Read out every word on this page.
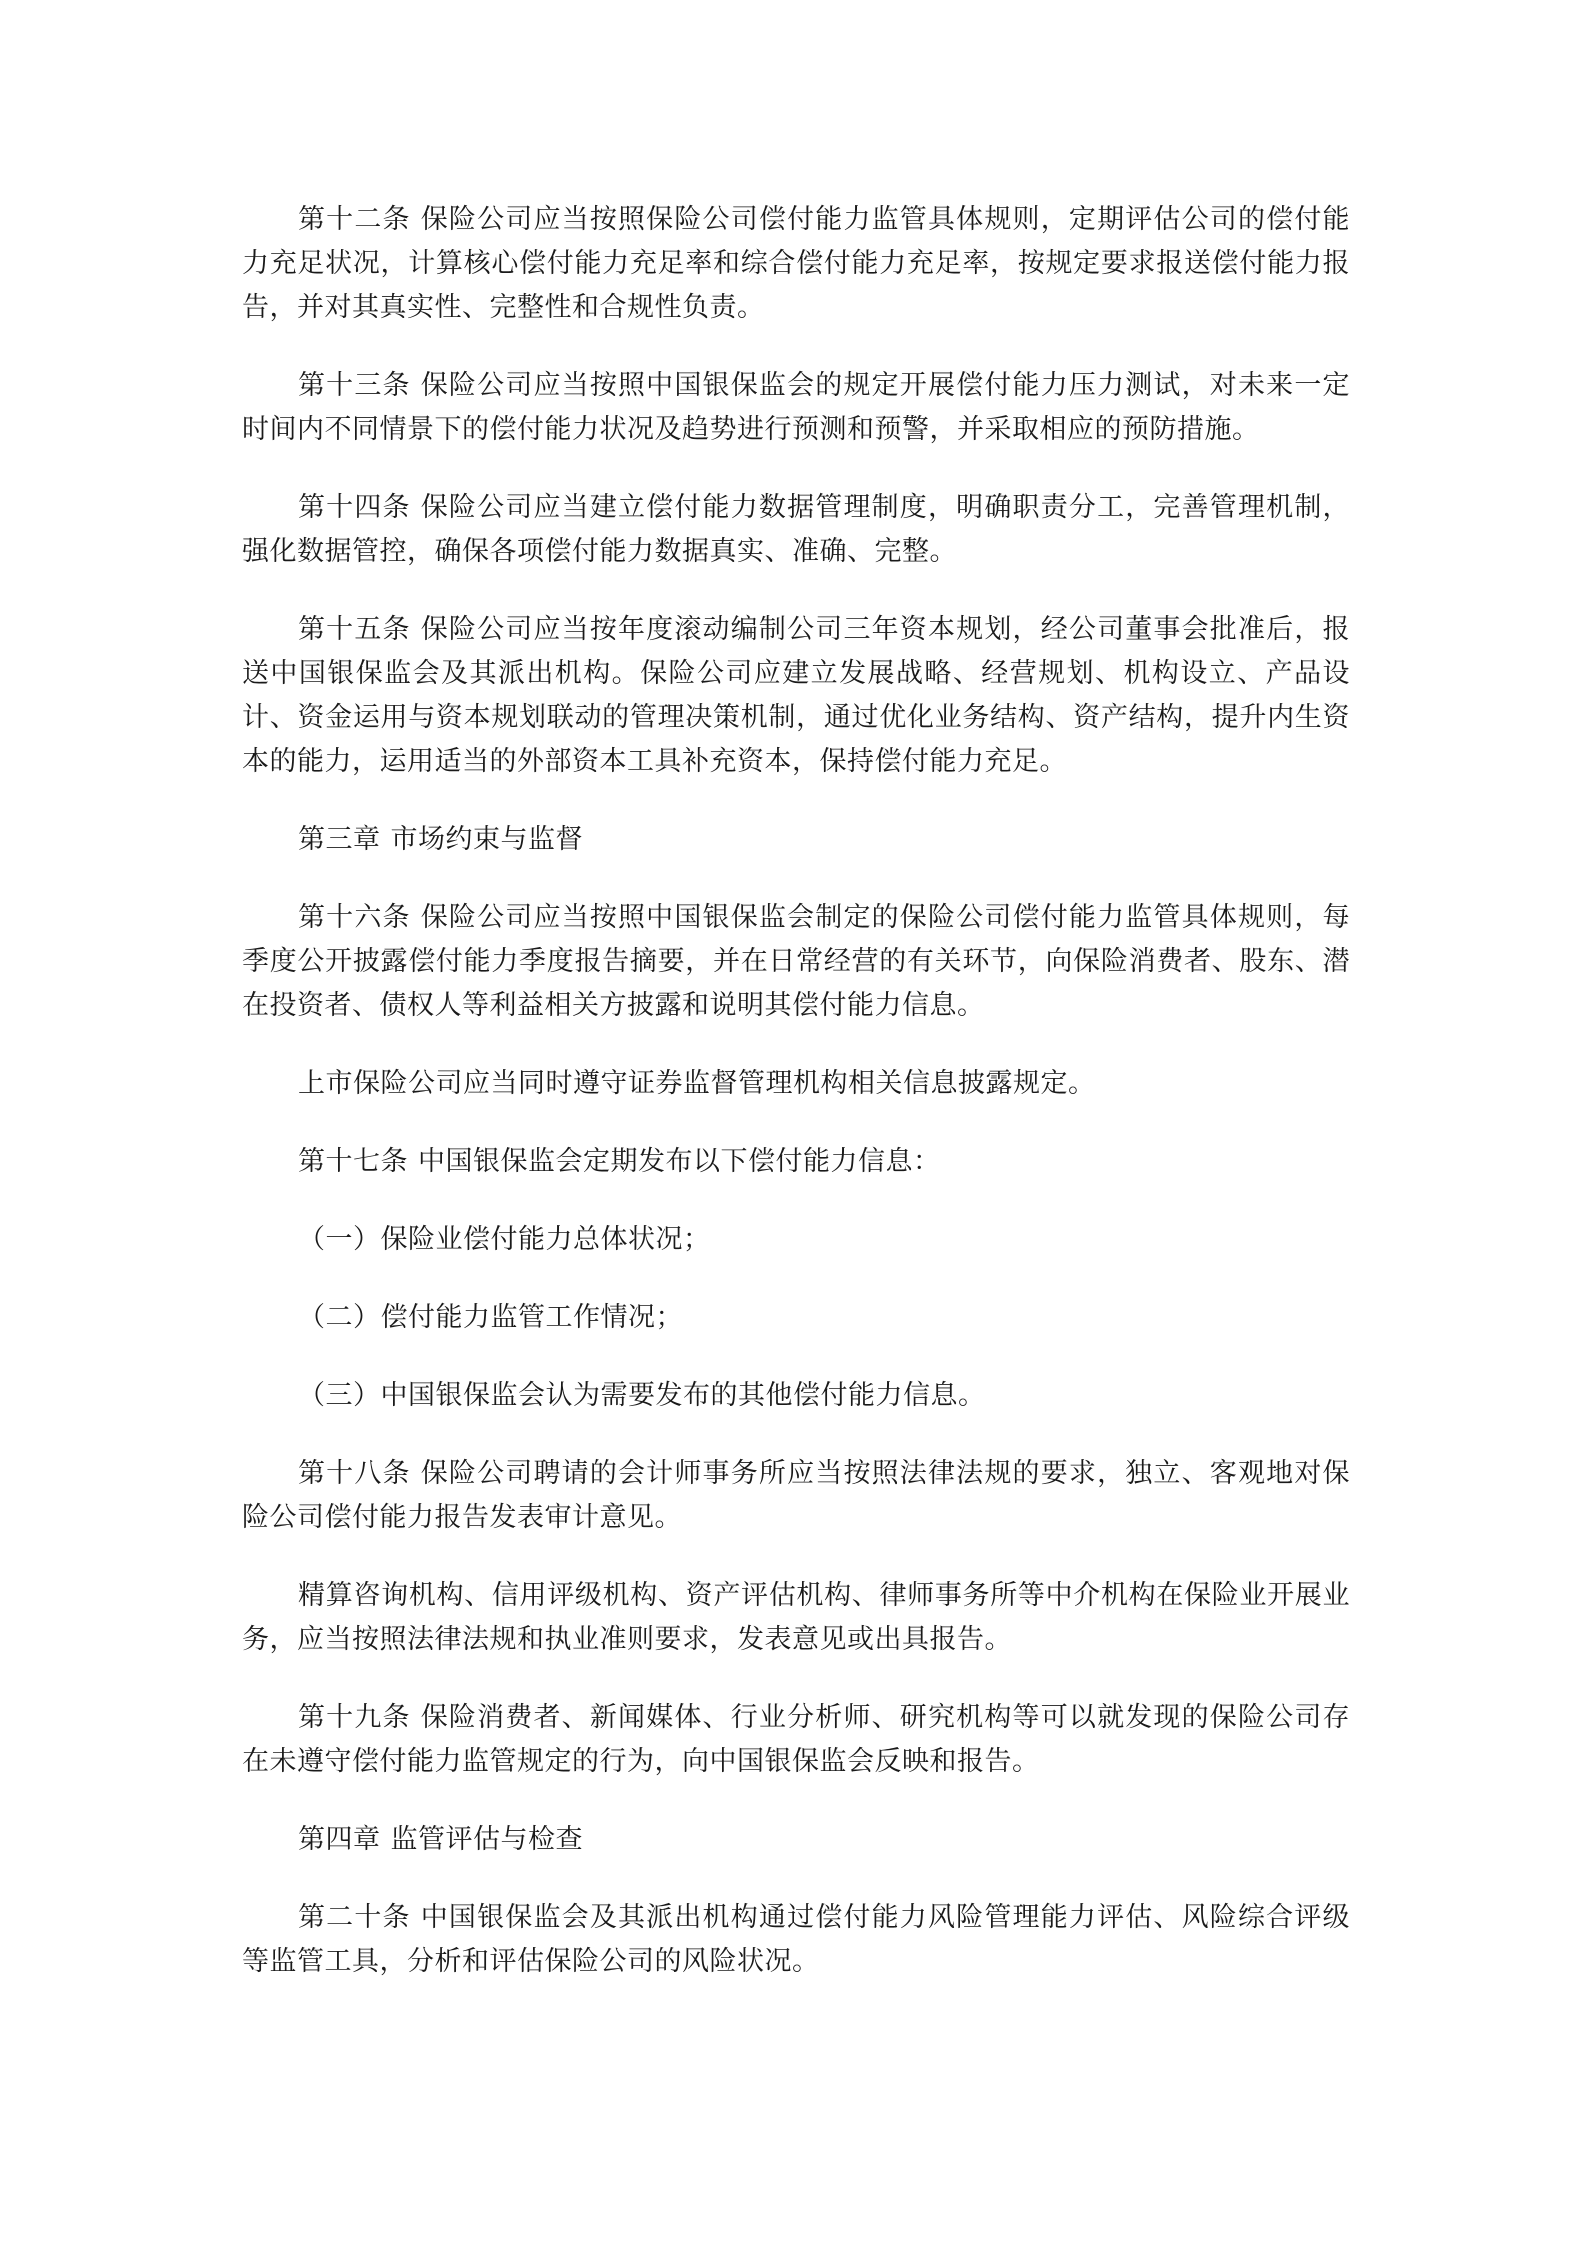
第十二条 保险公司应当按照保险公司偿付能力监管具体规则，定期评估公司的偿付能力充足状况，计算核心偿付能力充足率和综合偿付能力充足率，按规定要求报送偿付能力报告，并对其真实性、完整性和合规性负责。

第十三条 保险公司应当按照中国银保监会的规定开展偿付能力压力测试，对未来一定时间内不同情景下的偿付能力状况及趋势进行预测和预警，并采取相应的预防措施。

第十四条 保险公司应当建立偿付能力数据管理制度，明确职责分工，完善管理机制，强化数据管控，确保各项偿付能力数据真实、准确、完整。

第十五条 保险公司应当按年度滚动编制公司三年资本规划，经公司董事会批准后，报送中国银保监会及其派出机构。保险公司应建立发展战略、经营规划、机构设立、产品设计、资金运用与资本规划联动的管理决策机制，通过优化业务结构、资产结构，提升内生资本的能力，运用适当的外部资本工具补充资本，保持偿付能力充足。

第三章 市场约束与监督

第十六条 保险公司应当按照中国银保监会制定的保险公司偿付能力监管具体规则，每季度公开披露偿付能力季度报告摘要，并在日常经营的有关环节，向保险消费者、股东、潜在投资者、债权人等利益相关方披露和说明其偿付能力信息。

上市保险公司应当同时遵守证券监督管理机构相关信息披露规定。

第十七条 中国银保监会定期发布以下偿付能力信息：

（一）保险业偿付能力总体状况；

（二）偿付能力监管工作情况；

（三）中国银保监会认为需要发布的其他偿付能力信息。

第十八条 保险公司聘请的会计师事务所应当按照法律法规的要求，独立、客观地对保险公司偿付能力报告发表审计意见。

精算咨询机构、信用评级机构、资产评估机构、律师事务所等中介机构在保险业开展业务，应当按照法律法规和执业准则要求，发表意见或出具报告。

第十九条 保险消费者、新闻媒体、行业分析师、研究机构等可以就发现的保险公司存在未遵守偿付能力监管规定的行为，向中国银保监会反映和报告。

第四章 监管评估与检查

第二十条 中国银保监会及其派出机构通过偿付能力风险管理能力评估、风险综合评级等监管工具，分析和评估保险公司的风险状况。
